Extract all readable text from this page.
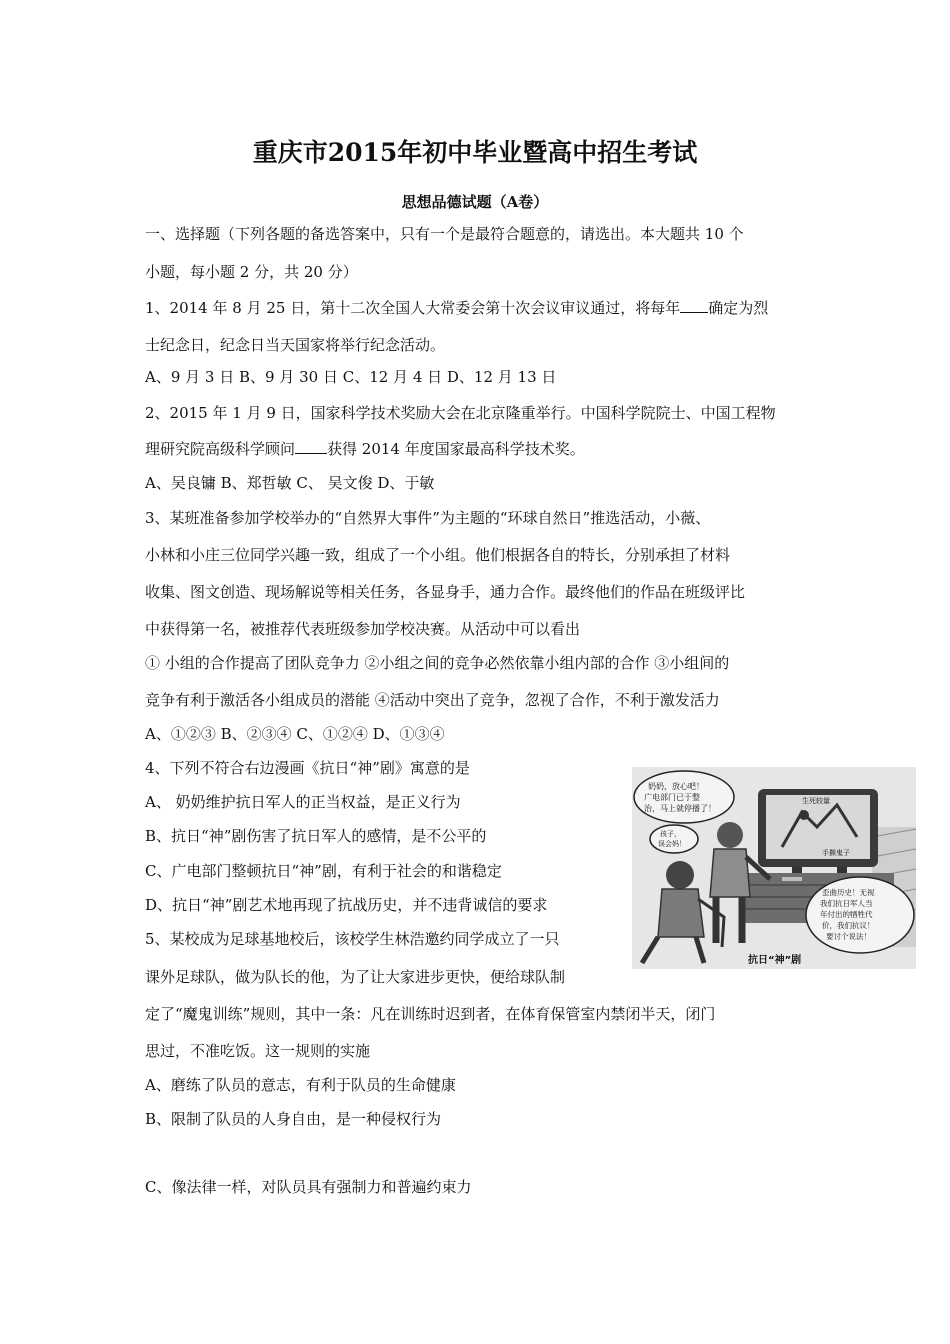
重庆市2015年初中毕业暨高中招生考试
思想品德试题（A卷）
一、选择题（下列各题的备选答案中，只有一个是最符合题意的，请选出。本大题共 10 个
小题，每小题 2 分，共 20 分）
1、2014 年 8 月 25 日，第十二次全国人大常委会第十次会议审议通过，将每年 确定为烈
士纪念日，纪念日当天国家将举行纪念活动。
A、9 月 3 日 B、9 月 30 日 C、12 月 4 日 D、12 月 13 日
2、2015 年 1 月 9 日，国家科学技术奖励大会在北京隆重举行。中国科学院院士、中国工程物
理研究院高级科学顾问 获得 2014 年度国家最高科学技术奖。
A、吴良镛 B、郑哲敏 C、 吴文俊 D、于敏
3、某班准备参加学校举办的“自然界大事件”为主题的“环球自然日”推选活动，小薇、
小林和小庄三位同学兴趣一致，组成了一个小组。他们根据各自的特长，分别承担了材料
收集、图文创造、现场解说等相关任务，各显身手，通力合作。最终他们的作品在班级评比
中获得第一名，被推荐代表班级参加学校决赛。从活动中可以看出
① 小组的合作提高了团队竞争力 ②小组之间的竞争必然依靠小组内部的合作 ③小组间的
竞争有利于激活各小组成员的潜能 ④活动中突出了竞争，忽视了合作，不利于激发活力
A、①②③ B、②③④ C、①②④ D、①③④
4、下列不符合右边漫画《抗日“神”剧》寓意的是
A、 奶奶维护抗日军人的正当权益，是正义行为
B、抗日“神”剧伤害了抗日军人的感情，是不公平的
C、广电部门整顿抗日“神”剧，有利于社会的和谐稳定
D、抗日“神”剧艺术地再现了抗战历史，并不违背诚信的要求
5、某校成为足球基地校后，该校学生林浩邀约同学成立了一只
课外足球队，做为队长的他，为了让大家进步更快，便给球队制
定了“魔鬼训练”规则，其中一条：凡在训练时迟到者，在体育保管室内禁闭半天，闭门
思过，不准吃饭。这一规则的实施
A、磨练了队员的意志，有利于队员的生命健康
B、限制了队员的人身自由，是一种侵权行为
C、像法律一样，对队员具有强制力和普遍约束力
奶奶，放心吧！
广电部门已于整
治，马上就停播了！
生死较量
手撕鬼子
孩子，
误会妈！
歪曲历史！无视
我们抗日军人当
年付出的牺牲代
价，我们抗议！
要讨个说法！
抗日“神”剧
